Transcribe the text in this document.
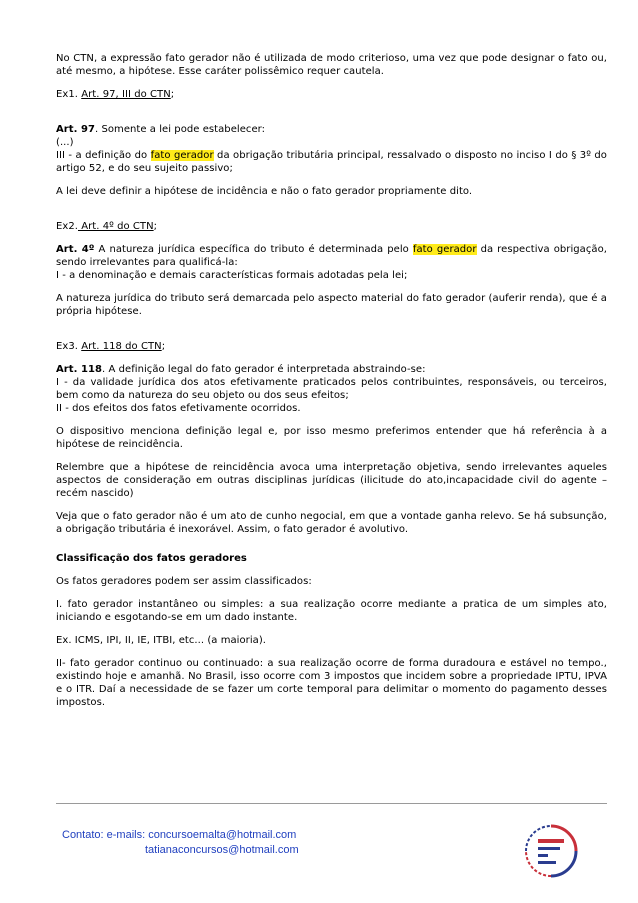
No CTN, a expressão fato gerador não é utilizada de modo criterioso, uma vez que pode designar o fato ou, até mesmo, a hipótese. Esse caráter polissêmico requer cautela.

Ex1. Art. 97, III do CTN;

Art. 97. Somente a lei pode estabelecer:
(...)
III - a definição do fato gerador da obrigação tributária principal, ressalvado o disposto no inciso I do § 3º do artigo 52, e do seu sujeito passivo;

A lei deve definir a hipótese de incidência e não o fato gerador propriamente dito.

Ex2. Art. 4º do CTN;

Art. 4º A natureza jurídica específica do tributo é determinada pelo fato gerador da respectiva obrigação, sendo irrelevantes para qualificá-la:
I - a denominação e demais características formais adotadas pela lei;

A natureza jurídica do tributo será demarcada pelo aspecto material do fato gerador (auferir renda), que é a própria hipótese.

Ex3. Art. 118 do CTN;

Art. 118. A definição legal do fato gerador é interpretada abstraindo-se:
I - da validade jurídica dos atos efetivamente praticados pelos contribuintes, responsáveis, ou terceiros, bem como da natureza do seu objeto ou dos seus efeitos;
II - dos efeitos dos fatos efetivamente ocorridos.

O dispositivo menciona definição legal e, por isso mesmo preferimos entender que há referência à a hipótese de reincidência.

Relembre que a hipótese de reincidência avoca uma interpretação objetiva, sendo irrelevantes aqueles aspectos de consideração em outras disciplinas jurídicas (ilicitude do ato,incapacidade civil do agente – recém nascido)

Veja que o fato gerador não é um ato de cunho negocial, em que a vontade ganha relevo. Se há subsunção, a obrigação tributária é inexorável. Assim, o fato gerador é avolutivo.

Classificação dos fatos geradores

Os fatos geradores podem ser assim classificados:

I. fato gerador instantâneo ou simples: a sua realização ocorre mediante a pratica de um simples ato, iniciando e esgotando-se em um dado instante.

Ex. ICMS, IPI, II, IE, ITBI, etc... (a maioria).

II- fato gerador continuo ou continuado: a sua realização ocorre de forma duradoura e estável no tempo., existindo hoje e amanhã. No Brasil, isso ocorre com 3 impostos que incidem sobre a propriedade IPTU, IPVA e o ITR. Daí a necessidade de se fazer um corte temporal para delimitar o momento do pagamento desses impostos.

Contato: e-mails: concursoemalta@hotmail.com
tatianaconcursos@hotmail.com
